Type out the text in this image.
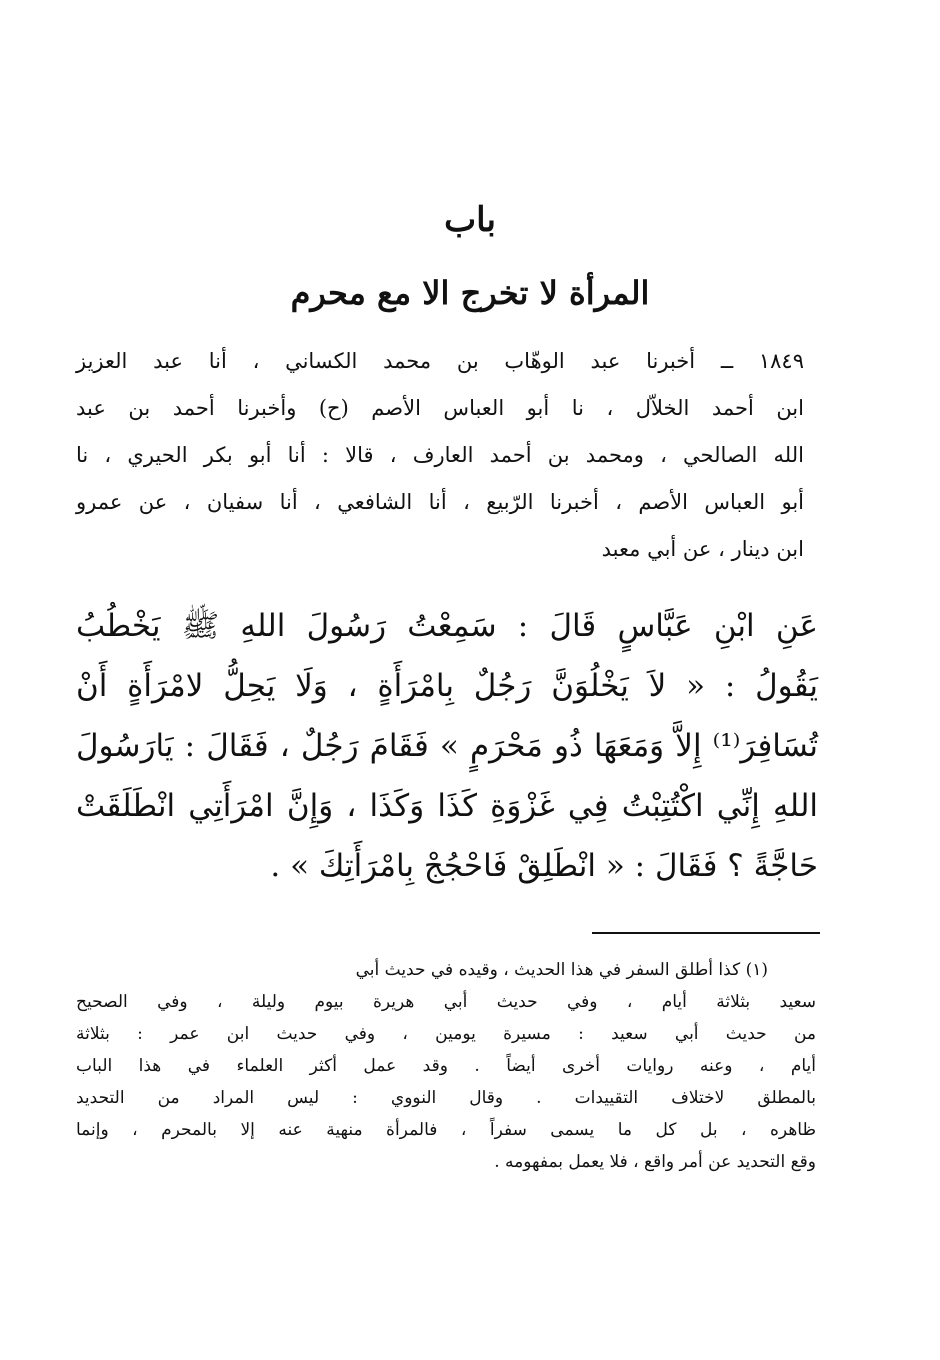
باب
المرأة لا تخرج الا مع محرم
١٨٤٩ ــ أخبرنا عبد الوهّاب بن محمد الكساني ، أنا عبد العزيز
ابن أحمد الخلاّل ، نا أبو العباس الأصم (ح) وأخبرنا أحمد بن عبد
الله الصالحي ، ومحمد بن أحمد العارف ، قالا : أنا أبو بكر الحيري ، نا
أبو العباس الأصم ، أخبرنا الرّبيع ، أنا الشافعي ، أنا سفيان ، عن عمرو
ابن دينار ، عن أبي معبد
عَنِ ابْنِ عَبَّاسٍ قَالَ : سَمِعْتُ رَسُولَ اللهِ ﷺ يَخْطُبُ
يَقُولُ : « لاَ يَخْلُوَنَّ رَجُلٌ بِامْرَأَةٍ ، وَلَا يَحِلُّ لامْرَأَةٍ أَنْ
تُسَافِرَ⁽¹⁾ إِلاَّ وَمَعَهَا ذُو مَحْرَمٍ » فَقَامَ رَجُلٌ ، فَقَالَ : يَارَسُولَ
اللهِ إِنِّي اكْتُتِبْتُ فِي غَزْوَةِ كَذَا وَكَذَا ، وَإِنَّ امْرَأَتِي انْطَلَقَتْ
حَاجَّةً ؟ فَقَالَ : « انْطَلِقْ فَاحْجُجْ بِامْرَأَتِكَ » .
(١) كذا أطلق السفر في هذا الحديث ، وقيده في حديث أبي
سعيد بثلاثة أيام ، وفي حديث أبي هريرة بيوم وليلة ، وفي الصحيح
من حديث أبي سعيد : مسيرة يومين ، وفي حديث ابن عمر : بثلاثة
أيام ، وعنه روايات أخرى أيضاً . وقد عمل أكثر العلماء في هذا الباب
بالمطلق لاختلاف التقييدات . وقال النووي : ليس المراد من التحديد
ظاهره ، بل كل ما يسمى سفراً ، فالمرأة منهية عنه إلا بالمحرم ، وإنما
وقع التحديد عن أمر واقع ، فلا يعمل بمفهومه .
